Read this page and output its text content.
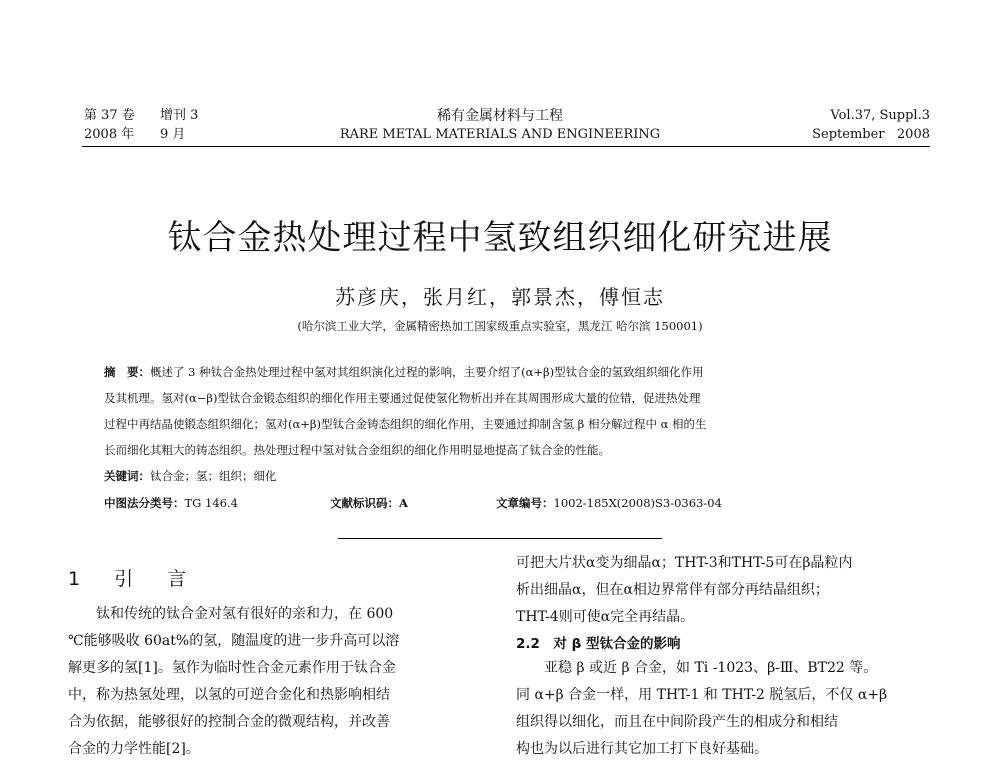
第 37 卷 增刊 3
2008 年 9 月
稀有金属材料与工程
RARE METAL MATERIALS AND ENGINEERING
Vol.37, Suppl.3
September   2008
钛合金热处理过程中氢致组织细化研究进展
苏彦庆，张月红，郭景杰，傅恒志
(哈尔滨工业大学，金属精密热加工国家级重点实验室，黑龙江 哈尔滨 150001)
摘　要：概述了 3 种钛合金热处理过程中氢对其组织演化过程的影响，主要介绍了(α+β)型钛合金的氢致组织细化作用
及其机理。氢对(α−β)型钛合金锻态组织的细化作用主要通过促使氢化物析出并在其周围形成大量的位错，促进热处理
过程中再结晶使锻态组织细化；氢对(α+β)型钛合金铸态组织的细化作用，主要通过抑制含氢 β 相分解过程中 α 相的生
长而细化其粗大的铸态组织。热处理过程中氢对钛合金组织的细化作用明显地提高了钛合金的性能。
关键词：钛合金；氢；组织；细化
中图法分类号：TG 146.4	文献标识码：A	文章编号：1002-185X(2008)S3-0363-04
1 引 言
钛和传统的钛合金对氢有很好的亲和力，在 600
℃能够吸收 60at%的氢，随温度的进一步升高可以溶
解更多的氢[1]。氢作为临时性合金元素作用于钛合金
中，称为热氢处理，以氢的可逆合金化和热影响相结
合为依据，能够很好的控制合金的微观结构，并改善
合金的力学性能[2]。
可把大片状α变为细晶α；THT-3和THT-5可在β晶粒内
析出细晶α，但在α相边界常伴有部分再结晶组织；
THT-4则可使α完全再结晶。
2.2　对 β 型钛合金的影响
亚稳 β 或近 β 合金，如 Ti -1023、β-Ⅲ、BT22 等。
同 α+β 合金一样，用 THT-1 和 THT-2 脱氢后，不仅 α+β
组织得以细化，而且在中间阶段产生的相成分和相结
构也为以后进行其它加工打下良好基础。
